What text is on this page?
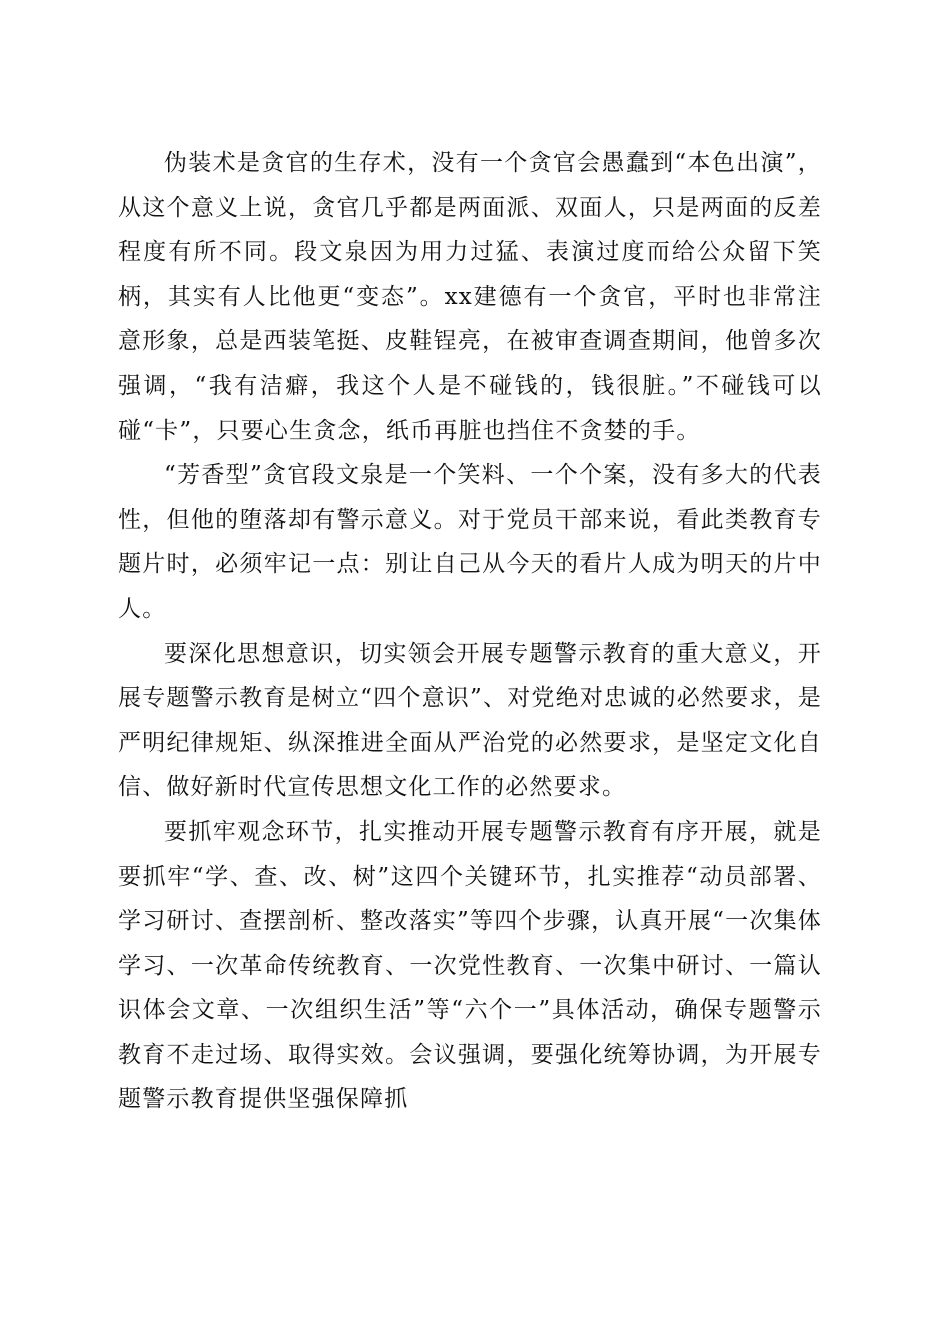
伪装术是贪官的生存术，没有一个贪官会愚蠢到“本色出演”，从这个意义上说，贪官几乎都是两面派、双面人，只是两面的反差程度有所不同。段文泉因为用力过猛、表演过度而给公众留下笑柄，其实有人比他更“变态”。xx建德有一个贪官，平时也非常注意形象，总是西装笔挺、皮鞋锃亮，在被审查调查期间，他曾多次强调，“我有洁癖，我这个人是不碰钱的，钱很脏。”不碰钱可以碰“卡”，只要心生贪念，纸币再脏也挡住不贪婪的手。

“芳香型”贪官段文泉是一个笑料、一个个案，没有多大的代表性，但他的堕落却有警示意义。对于党员干部来说，看此类教育专题片时，必须牢记一点：别让自己从今天的看片人成为明天的片中人。

要深化思想意识，切实领会开展专题警示教育的重大意义，开展专题警示教育是树立“四个意识”、对党绝对忠诚的必然要求，是严明纪律规矩、纵深推进全面从严治党的必然要求，是坚定文化自信、做好新时代宣传思想文化工作的必然要求。

要抓牢观念环节，扎实推动开展专题警示教育有序开展，就是要抓牢“学、查、改、树”这四个关键环节，扎实推荐“动员部署、学习研讨、查摆剖析、整改落实”等四个步骤，认真开展“一次集体学习、一次革命传统教育、一次党性教育、一次集中研讨、一篇认识体会文章、一次组织生活”等“六个一”具体活动，确保专题警示教育不走过场、取得实效。会议强调，要强化统筹协调，为开展专题警示教育提供坚强保障抓
